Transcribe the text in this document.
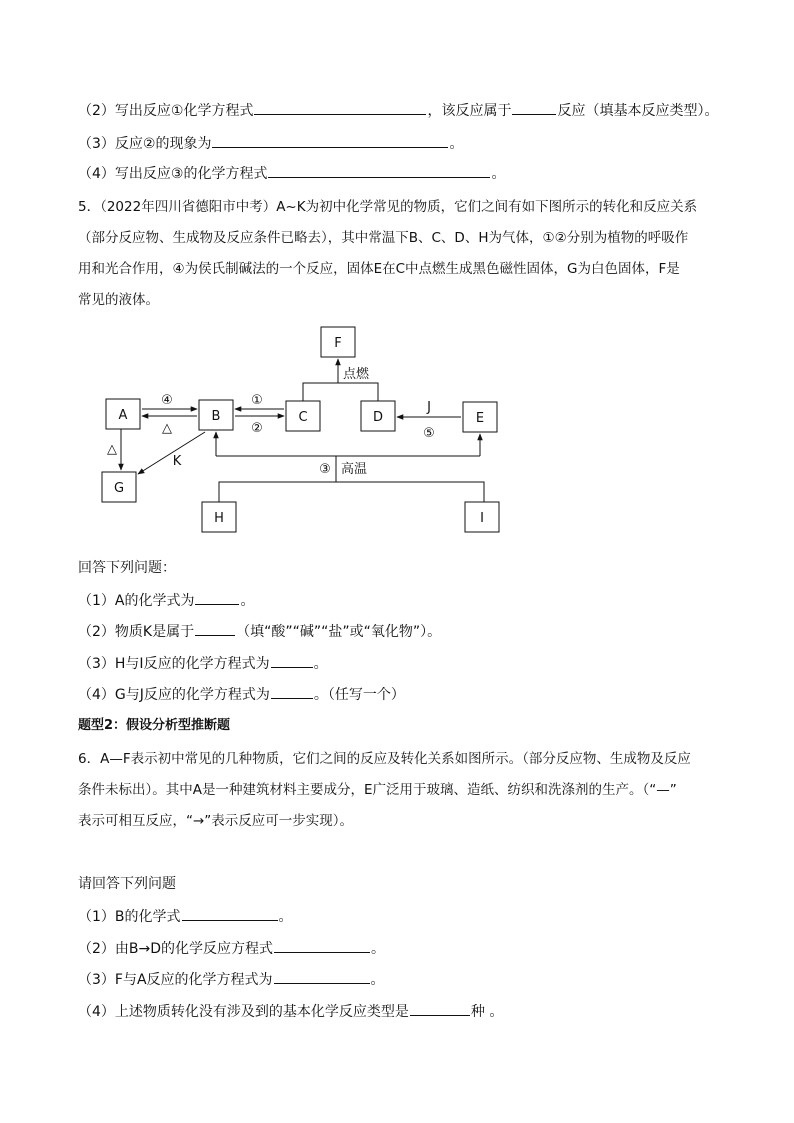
（2）写出反应①化学方程式	，该反应属于	反应（填基本反应类型）。
（3）反应②的现象为	。
（4）写出反应③的化学方程式	。
5．（2022年四川省德阳市中考）A~K为初中化学常见的物质，它们之间有如下图所示的转化和反应关系
（部分反应物、生成物及反应条件已略去），其中常温下B、C、D、H为气体，①②分别为植物的呼吸作
用和光合作用，④为侯氏制碱法的一个反应，固体E在C中点燃生成黑色磁性固体，G为白色固体，F是
常见的液体。
F
A	B	C	D	E
G
H	I
④
△
①
②
点燃
J
⑤
△
K
③ 高温
回答下列问题：
（1）A的化学式为	。
（2）物质K是属于	（填“酸”“碱”“盐”或“氧化物”）。
（3）H与I反应的化学方程式为	。
（4）G与J反应的化学方程式为	。（任写一个）
题型2：假设分析型推断题
6．A—F表示初中常见的几种物质，它们之间的反应及转化关系如图所示。（部分反应物、生成物及反应
条件未标出）。其中A是一种建筑材料主要成分，E广泛用于玻璃、造纸、纺织和洗涤剂的生产。（“—”
表示可相互反应，“→”表示反应可一步实现）。
请回答下列问题
（1）B的化学式	。
（2）由B→D的化学反应方程式	。
（3）F与A反应的化学方程式为	。
（4）上述物质转化没有涉及到的基本化学反应类型是	种 。
